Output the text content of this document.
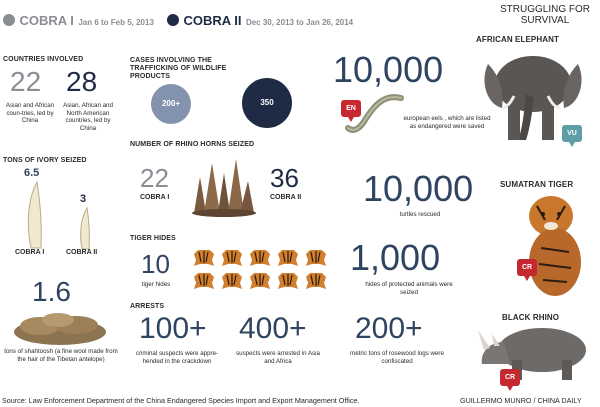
COBRA I Jan 6 to Feb 5, 2013	COBRA II Dec 30, 2013 to Jan 26, 2014
COUNTRIES INVOLVED
22
Asian and African coun-tries, led by China
28
Asian, African and North American countries, led by China
TONS OF IVORY SEIZED
6.5
COBRA I
3
COBRA II
1.6
tons of shahtoosh (a fine wool made from the hair of the Tibetan antelope)
CASES INVOLVING THE TRAFFICKING OF WILDLIFE PRODUCTS
200+	350
NUMBER OF RHINO HORNS SEIZED
22
COBRA I
36
COBRA II
TIGER HIDES
10
tiger hides
ARRESTS
100+
criminal suspects were appre-hended in the crackdown
400+
suspects were arrested in Asia and Africa
200+
metric tons of rosewood logs were confiscated
10,000
EN
european eels , which are listed as endangered were saved
10,000
turtles rescued
1,000
hides of protected animals were seized
STRUGGLING FOR SURVIVAL
AFRICAN ELEPHANT
VU
SUMATRAN TIGER
CR
BLACK RHINO
CR
Source: Law Enforcement Department of the China Endangered Species Import and Export Management Office.	GUILLERMO MUNRO / CHINA DAILY
